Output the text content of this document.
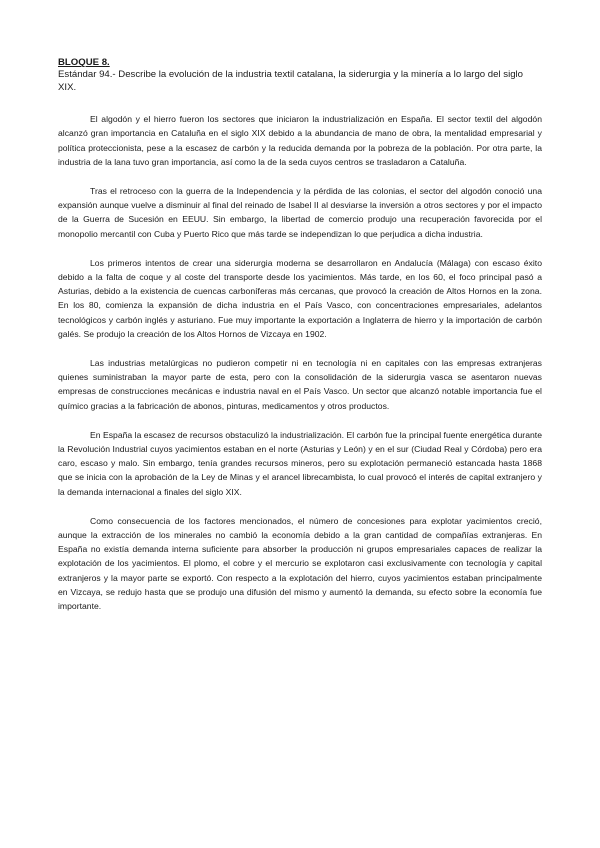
BLOQUE 8.

Estándar 94.- Describe la evolución de la industria textil catalana, la siderurgia y la minería a lo largo del siglo XIX.

El algodón y el hierro fueron los sectores que iniciaron la industrialización en España. El sector textil del algodón alcanzó gran importancia en Cataluña en el siglo XIX debido a la abundancia de mano de obra, la mentalidad empresarial y política proteccionista, pese a la escasez de carbón y la reducida demanda por la pobreza de la población. Por otra parte, la industria de la lana tuvo gran importancia, así como la de la seda cuyos centros se trasladaron a Cataluña.

Tras el retroceso con la guerra de la Independencia y la pérdida de las colonias, el sector del algodón conoció una expansión aunque vuelve a disminuir al final del reinado de Isabel II al desviarse la inversión a otros sectores y por el impacto de la Guerra de Sucesión en EEUU. Sin embargo, la libertad de comercio produjo una recuperación favorecida por el monopolio mercantil con Cuba y Puerto Rico que más tarde se independizan lo que perjudica a dicha industria.

Los primeros intentos de crear una siderurgia moderna se desarrollaron en Andalucía (Málaga) con escaso éxito debido a la falta de coque y al coste del transporte desde los yacimientos. Más tarde, en los 60, el foco principal pasó a Asturias, debido a la existencia de cuencas carboníferas más cercanas, que provocó la creación de Altos Hornos en la zona. En los 80, comienza la expansión de dicha industria en el País Vasco, con concentraciones empresariales, adelantos tecnológicos y carbón inglés y asturiano. Fue muy importante la exportación a Inglaterra de hierro y la importación de carbón galés. Se produjo la creación de los Altos Hornos de Vizcaya en 1902.

Las industrias metalúrgicas no pudieron competir ni en tecnología ni en capitales con las empresas extranjeras quienes suministraban la mayor parte de esta, pero con la consolidación de la siderurgia vasca se asentaron nuevas empresas de construcciones mecánicas e industria naval en el País Vasco. Un sector que alcanzó notable importancia fue el químico gracias a la fabricación de abonos, pinturas, medicamentos y otros productos.

En España la escasez de recursos obstaculizó la industrialización. El carbón fue la principal fuente energética durante la Revolución Industrial cuyos yacimientos estaban en el norte (Asturias y León) y en el sur (Ciudad Real y Córdoba) pero era caro, escaso y malo. Sin embargo, tenía grandes recursos mineros, pero su explotación permaneció estancada hasta 1868 que se inicia con la aprobación de la Ley de Minas y el arancel librecambista, lo cual provocó el interés de capital extranjero y la demanda internacional a finales del siglo XIX.

Como consecuencia de los factores mencionados, el número de concesiones para explotar yacimientos creció, aunque la extracción de los minerales no cambió la economía debido a la gran cantidad de compañías extranjeras. En España no existía demanda interna suficiente para absorber la producción ni grupos empresariales capaces de realizar la explotación de los yacimientos. El plomo, el cobre y el mercurio se explotaron casi exclusivamente con tecnología y capital extranjeros y la mayor parte se exportó. Con respecto a la explotación del hierro, cuyos yacimientos estaban principalmente en Vizcaya, se redujo hasta que se produjo una difusión del mismo y aumentó la demanda, su efecto sobre la economía fue importante.
